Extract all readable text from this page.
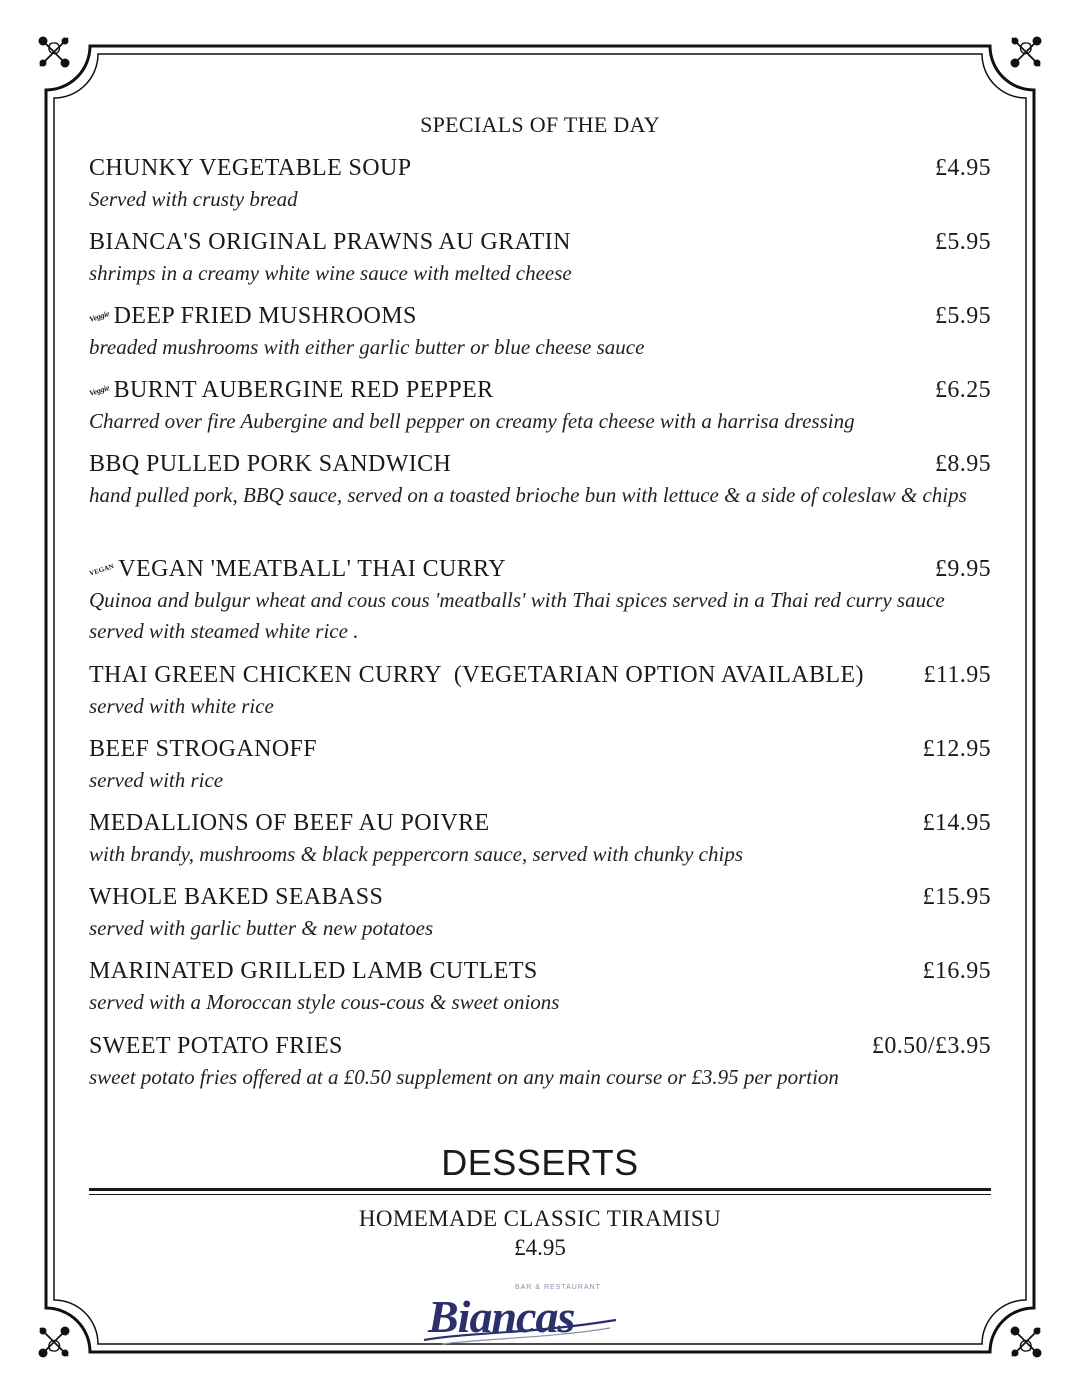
SPECIALS OF THE DAY
CHUNKY VEGETABLE SOUP	£4.95
Served with crusty bread
BIANCA'S ORIGINAL PRAWNS AU GRATIN	£5.95
shrimps in a creamy white wine sauce with melted cheese
Veggie DEEP FRIED MUSHROOMS	£5.95
breaded mushrooms with either garlic butter or blue cheese sauce
Veggie BURNT AUBERGINE RED PEPPER	£6.25
Charred over fire Aubergine and bell pepper on creamy feta cheese with a harrisa dressing
BBQ PULLED PORK SANDWICH	£8.95
hand pulled pork, BBQ sauce, served on a toasted brioche bun with lettuce & a side of coleslaw & chips
VEGAN VEGAN 'MEATBALL' THAI CURRY	£9.95
Quinoa and bulgur wheat and cous cous 'meatballs' with Thai spices served in a Thai red curry sauce served with steamed white rice .
THAI GREEN CHICKEN CURRY  (VEGETARIAN OPTION AVAILABLE) £11.95
served with white rice
BEEF STROGANOFF	£12.95
served with rice
MEDALLIONS OF BEEF AU POIVRE	£14.95
with brandy, mushrooms & black peppercorn sauce, served with chunky chips
WHOLE BAKED SEABASS	£15.95
served with garlic butter & new potatoes
MARINATED GRILLED LAMB CUTLETS	£16.95
served with a Moroccan style cous-cous & sweet onions
SWEET POTATO FRIES	£0.50/£3.95
sweet potato fries offered at a £0.50 supplement on any main course or £3.95 per portion
DESSERTS
HOMEMADE CLASSIC TIRAMISU
£4.95
BAR & RESTAURANT
Biancas
